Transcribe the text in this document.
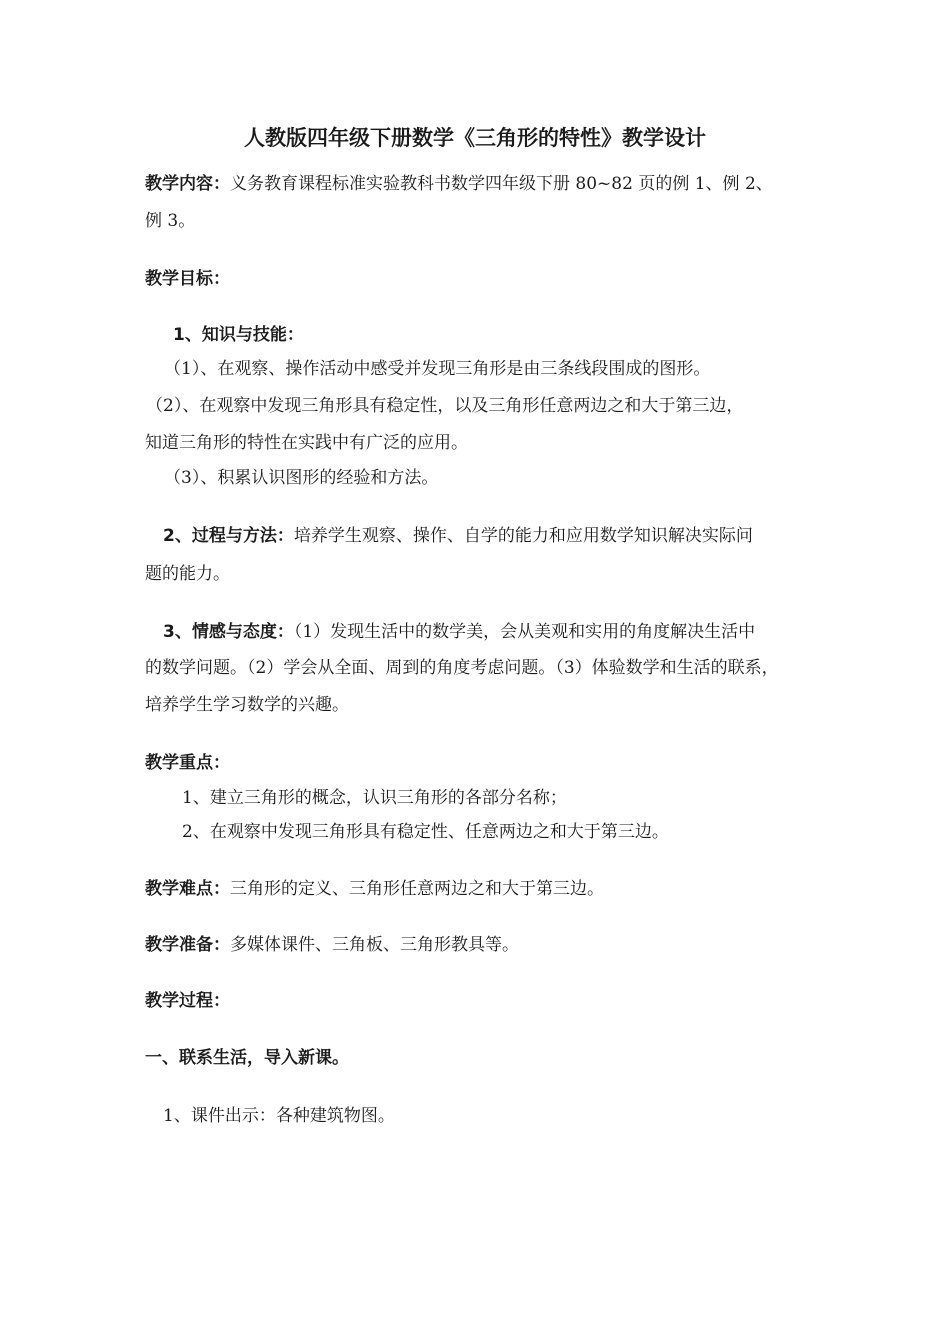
人教版四年级下册数学《三角形的特性》教学设计
教学内容：义务教育课程标准实验教科书数学四年级下册 80~82 页的例 1、例 2、
例 3。
教学目标：
1、知识与技能：
（1）、在观察、操作活动中感受并发现三角形是由三条线段围成的图形。
（2）、在观察中发现三角形具有稳定性，以及三角形任意两边之和大于第三边，
知道三角形的特性在实践中有广泛的应用。
（3）、积累认识图形的经验和方法。
2、过程与方法：培养学生观察、操作、自学的能力和应用数学知识解决实际问
题的能力。
3、情感与态度：（1）发现生活中的数学美，会从美观和实用的角度解决生活中
的数学问题。（2）学会从全面、周到的角度考虑问题。（3）体验数学和生活的联系，
培养学生学习数学的兴趣。
教学重点：
1、建立三角形的概念，认识三角形的各部分名称；
2、在观察中发现三角形具有稳定性、任意两边之和大于第三边。
教学难点：三角形的定义、三角形任意两边之和大于第三边。
教学准备：多媒体课件、三角板、三角形教具等。
教学过程：
一、联系生活，导入新课。
1、课件出示：各种建筑物图。
